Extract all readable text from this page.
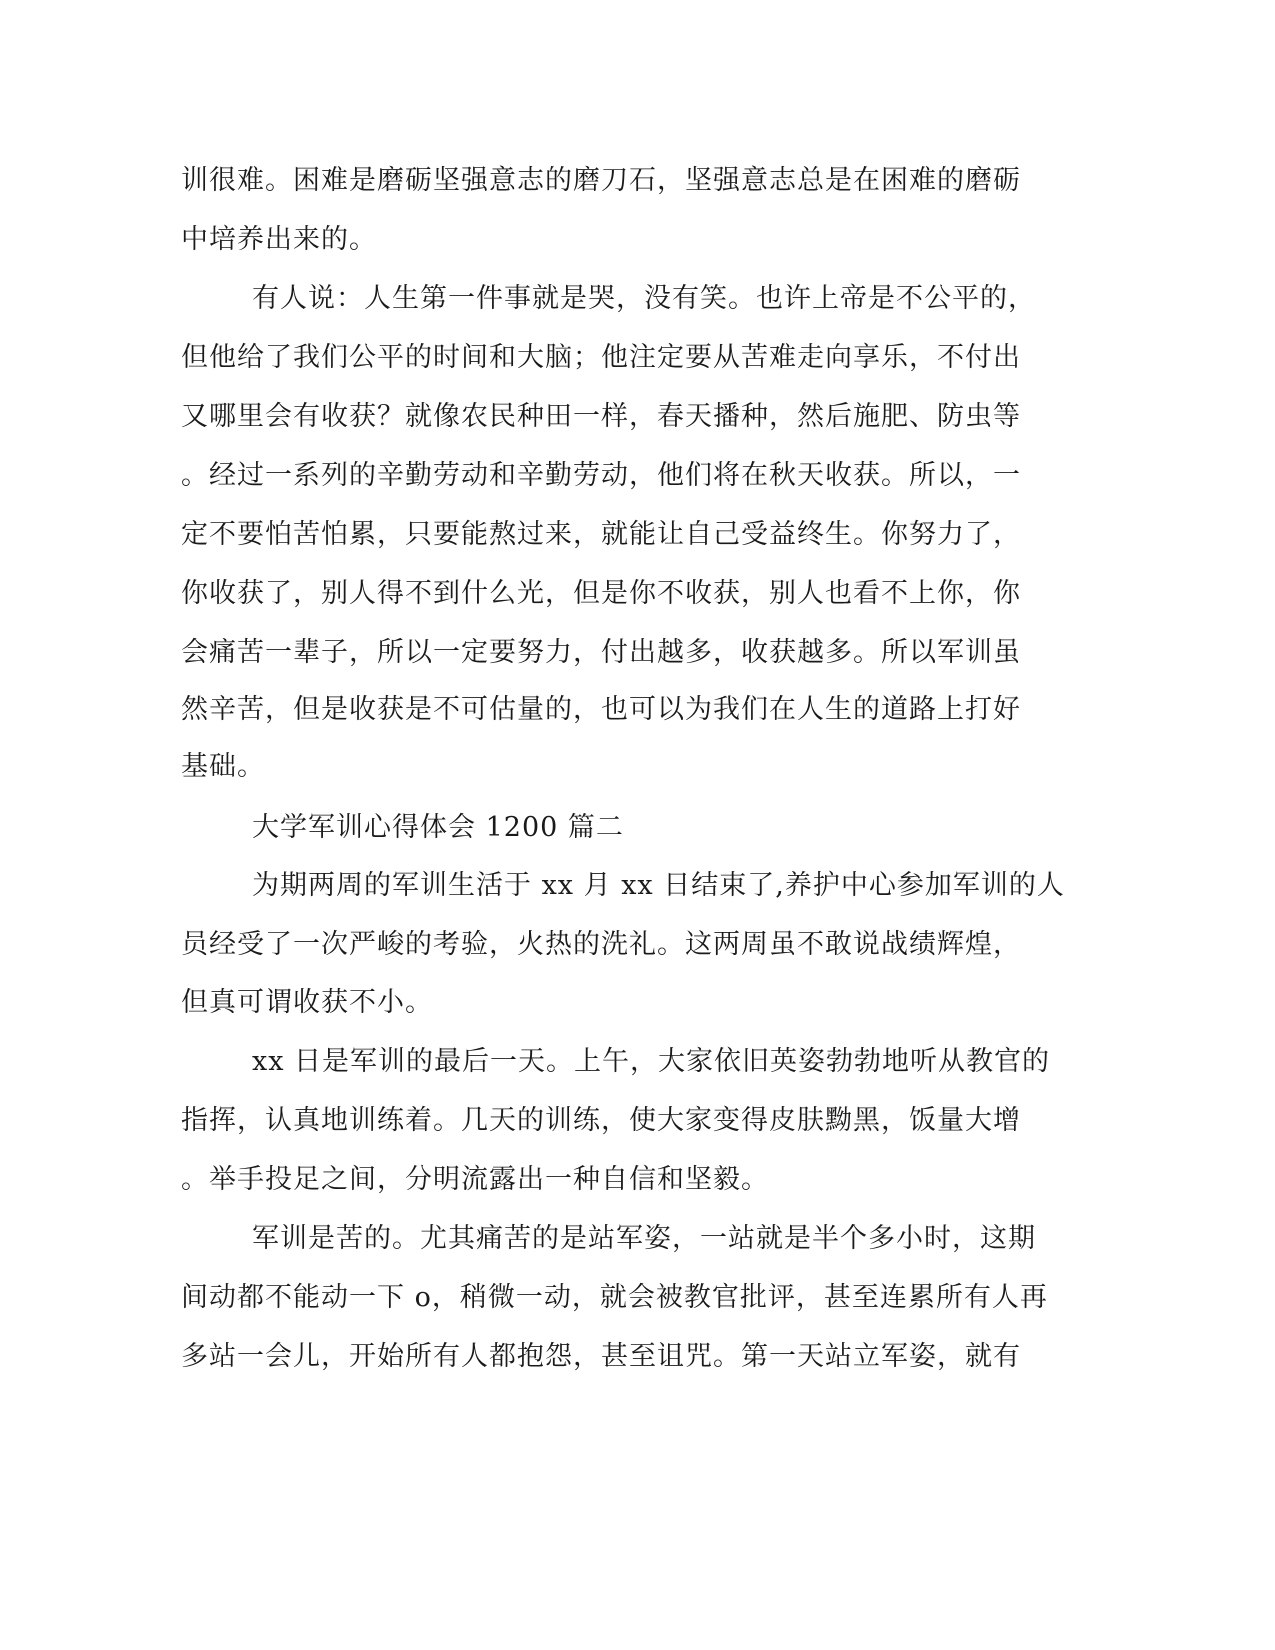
训很难。困难是磨砺坚强意志的磨刀石，坚强意志总是在困难的磨砺
中培养出来的。
有人说：人生第一件事就是哭，没有笑。也许上帝是不公平的，
但他给了我们公平的时间和大脑；他注定要从苦难走向享乐，不付出
又哪里会有收获？就像农民种田一样，春天播种，然后施肥、防虫等
。经过一系列的辛勤劳动和辛勤劳动，他们将在秋天收获。所以，一
定不要怕苦怕累，只要能熬过来，就能让自己受益终生。你努力了，
你收获了，别人得不到什么光，但是你不收获，别人也看不上你，你
会痛苦一辈子，所以一定要努力，付出越多，收获越多。所以军训虽
然辛苦，但是收获是不可估量的，也可以为我们在人生的道路上打好
基础。
大学军训心得体会 1200 篇二
为期两周的军训生活于 xx 月 xx 日结束了,养护中心参加军训的人
员经受了一次严峻的考验，火热的洗礼。这两周虽不敢说战绩辉煌，
但真可谓收获不小。
xx 日是军训的最后一天。上午，大家依旧英姿勃勃地听从教官的
指挥，认真地训练着。几天的训练，使大家变得皮肤黝黑，饭量大增
。举手投足之间，分明流露出一种自信和坚毅。
军训是苦的。尤其痛苦的是站军姿，一站就是半个多小时，这期
间动都不能动一下 o，稍微一动，就会被教官批评，甚至连累所有人再
多站一会儿，开始所有人都抱怨，甚至诅咒。第一天站立军姿，就有
